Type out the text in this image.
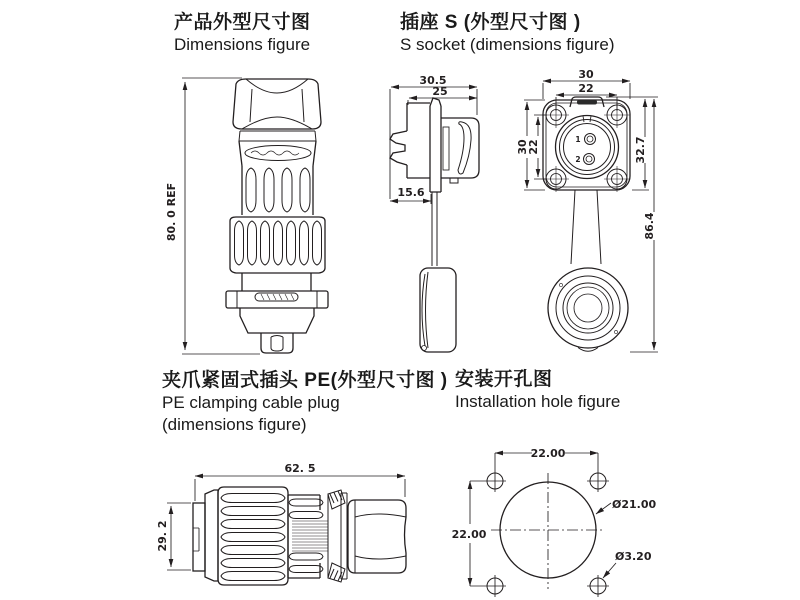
产品外型尺寸图
Dimensions figure
插座 S (外型尺寸图 )
S socket (dimensions figure)
夹爪紧固式插头 PE(外型尺寸图 )
PE clamping cable plug
(dimensions figure)
安装开孔图
Installation hole figure
80. 0 REF
30.5
25
15.6
30
22
30
22	32.7
86.4
1
2
62. 5
29. 2
22.00
22.00
Ø21.00
Ø3.20
